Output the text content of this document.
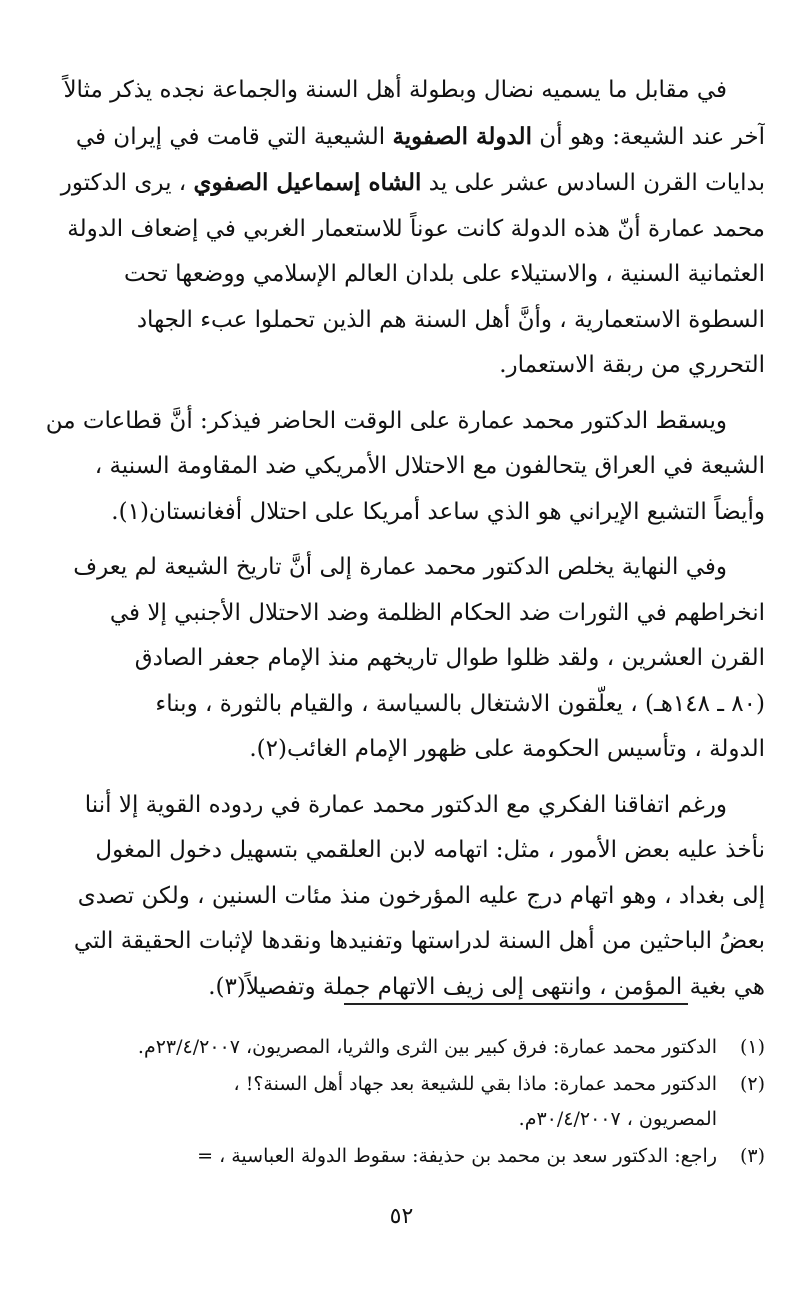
في مقابل ما يسميه نضال وبطولة أهل السنة والجماعة نجده يذكر مثالاً
آخر عند الشيعة: وهو أن الدولة الصفوية الشيعية التي قامت في إيران في
بدايات القرن السادس عشر على يد الشاه إسماعيل الصفوي ، يرى الدكتور
محمد عمارة أنّ هذه الدولة كانت عوناً للاستعمار الغربي في إضعاف الدولة
العثمانية السنية ، والاستيلاء على بلدان العالم الإسلامي ووضعها تحت
السطوة الاستعمارية ، وأنَّ أهل السنة هم الذين تحملوا عبء الجهاد
التحرري من ربقة الاستعمار.

ويسقط الدكتور محمد عمارة على الوقت الحاضر فيذكر: أنَّ قطاعات من
الشيعة في العراق يتحالفون مع الاحتلال الأمريكي ضد المقاومة السنية ،
وأيضاً التشيع الإيراني هو الذي ساعد أمريكا على احتلال أفغانستان(١).

وفي النهاية يخلص الدكتور محمد عمارة إلى أنَّ تاريخ الشيعة لم يعرف
انخراطهم في الثورات ضد الحكام الظلمة وضد الاحتلال الأجنبي إلا في
القرن العشرين ، ولقد ظلوا طوال تاريخهم منذ الإمام جعفر الصادق
(٨٠ ـ ١٤٨هـ) ، يعلّقون الاشتغال بالسياسة ، والقيام بالثورة ، وبناء
الدولة ، وتأسيس الحكومة على ظهور الإمام الغائب(٢).

ورغم اتفاقنا الفكري مع الدكتور محمد عمارة في ردوده القوية إلا أننا
نأخذ عليه بعض الأمور ، مثل: اتهامه لابن العلقمي بتسهيل دخول المغول
إلى بغداد ، وهو اتهام درج عليه المؤرخون منذ مئات السنين ، ولكن تصدى
بعضُ الباحثين من أهل السنة لدراستها وتفنيدها ونقدها لإثبات الحقيقة التي
هي بغية المؤمن ، وانتهى إلى زيف الاتهام جملة وتفصيلاً(٣).

(١)
الدكتور محمد عمارة: فرق كبير بين الثرى والثريا، المصريون، ٢٣/٤/٢٠٠٧م.
(٢)
الدكتور محمد عمارة: ماذا بقي للشيعة بعد جهاد أهل السنة؟! ،
المصريون ، ٣٠/٤/٢٠٠٧م.
(٣)
راجع: الدكتور سعد بن محمد بن حذيفة: سقوط الدولة العباسية ، =
٥٢
